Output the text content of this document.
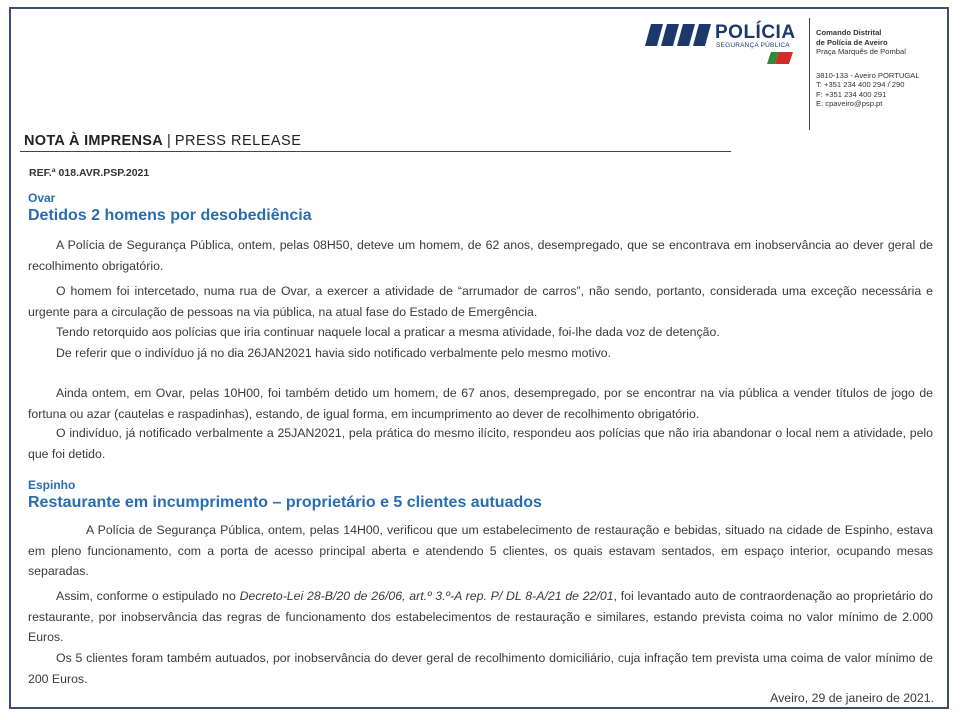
POLÍCIA
SEGURANÇA PÚBLICA
Comando Distrital
de Polícia de Aveiro
Praça Marquês de Pombal
3810-133 - Aveiro PORTUGAL
T: +351 234 400 294 / 290
F: +351 234 400 291
E: cpaveiro@psp.pt
NOTA À IMPRENSA | PRESS RELEASE
REF.ª 018.AVR.PSP.2021
Ovar
Detidos 2 homens por desobediência

A Polícia de Segurança Pública, ontem, pelas 08H50, deteve um homem, de 62 anos, desempregado, que se encontrava em inobservância ao dever geral de recolhimento obrigatório.

O homem foi intercetado, numa rua de Ovar, a exercer a atividade de “arrumador de carros”, não sendo, portanto, considerada uma exceção necessária e urgente para a circulação de pessoas na via pública, na atual fase do Estado de Emergência.

Tendo retorquido aos polícias que iria continuar naquele local a praticar a mesma atividade, foi-lhe dada voz de detenção.

De referir que o indivíduo já no dia 26JAN2021 havia sido notificado verbalmente pelo mesmo motivo.

Ainda ontem, em Ovar, pelas 10H00, foi também detido um homem, de 67 anos, desempregado, por se encontrar na via pública a vender títulos de jogo de fortuna ou azar (cautelas e raspadinhas), estando, de igual forma, em incumprimento ao dever de recolhimento obrigatório.

O indivíduo, já notificado verbalmente a 25JAN2021, pela prática do mesmo ilícito, respondeu aos polícias que não iria abandonar o local nem a atividade, pelo que foi detido.

Espinho
Restaurante em incumprimento – proprietário e 5 clientes autuados

A Polícia de Segurança Pública, ontem, pelas 14H00, verificou que um estabelecimento de restauração e bebidas, situado na cidade de Espinho, estava em pleno funcionamento, com a porta de acesso principal aberta e atendendo 5 clientes, os quais estavam sentados, em espaço interior, ocupando mesas separadas.

Assim, conforme o estipulado no Decreto-Lei 28-B/20 de 26/06, art.º 3.º-A rep. P/ DL 8-A/21 de 22/01, foi levantado auto de contraordenação ao proprietário do restaurante, por inobservância das regras de funcionamento dos estabelecimentos de restauração e similares, estando prevista coima no valor mínimo de 2.000 Euros.

Os 5 clientes foram também autuados, por inobservância do dever geral de recolhimento domiciliário, cuja infração tem prevista uma coima de valor mínimo de 200 Euros.

Aveiro, 29 de janeiro de 2021.
